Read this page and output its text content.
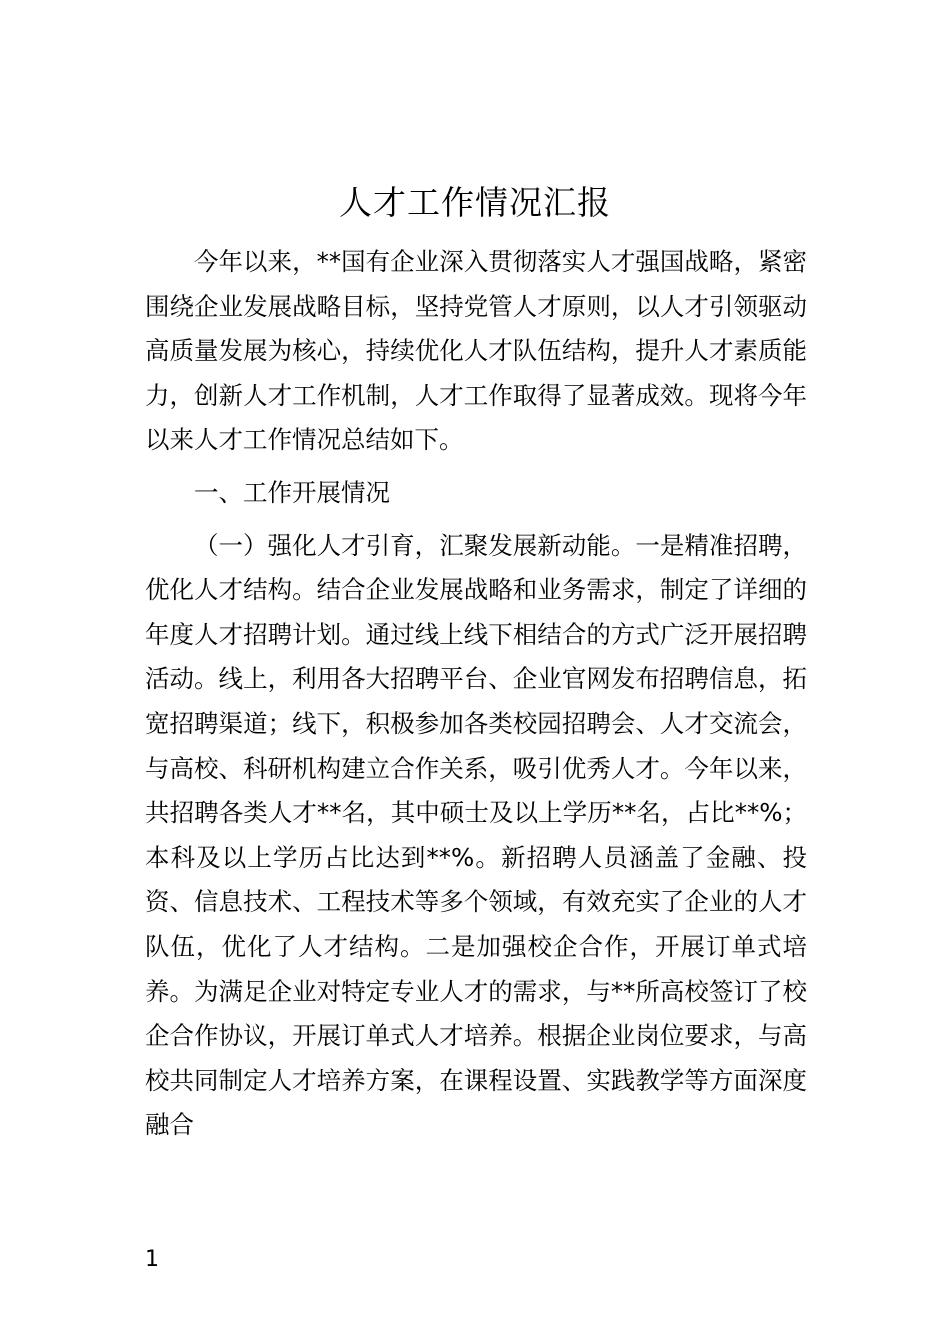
人才工作情况汇报

今年以来，**国有企业深入贯彻落实人才强国战略，紧密围绕企业发展战略目标，坚持党管人才原则，以人才引领驱动高质量发展为核心，持续优化人才队伍结构，提升人才素质能力，创新人才工作机制，人才工作取得了显著成效。现将今年以来人才工作情况总结如下。

一、工作开展情况

（一）强化人才引育，汇聚发展新动能。一是精准招聘，优化人才结构。结合企业发展战略和业务需求，制定了详细的年度人才招聘计划。通过线上线下相结合的方式广泛开展招聘活动。线上，利用各大招聘平台、企业官网发布招聘信息，拓宽招聘渠道；线下，积极参加各类校园招聘会、人才交流会，与高校、科研机构建立合作关系，吸引优秀人才。今年以来，共招聘各类人才**名，其中硕士及以上学历**名，占比**%；本科及以上学历占比达到**%。新招聘人员涵盖了金融、投资、信息技术、工程技术等多个领域，有效充实了企业的人才队伍，优化了人才结构。二是加强校企合作，开展订单式培养。为满足企业对特定专业人才的需求，与**所高校签订了校企合作协议，开展订单式人才培养。根据企业岗位要求，与高校共同制定人才培养方案，在课程设置、实践教学等方面深度融合

1
